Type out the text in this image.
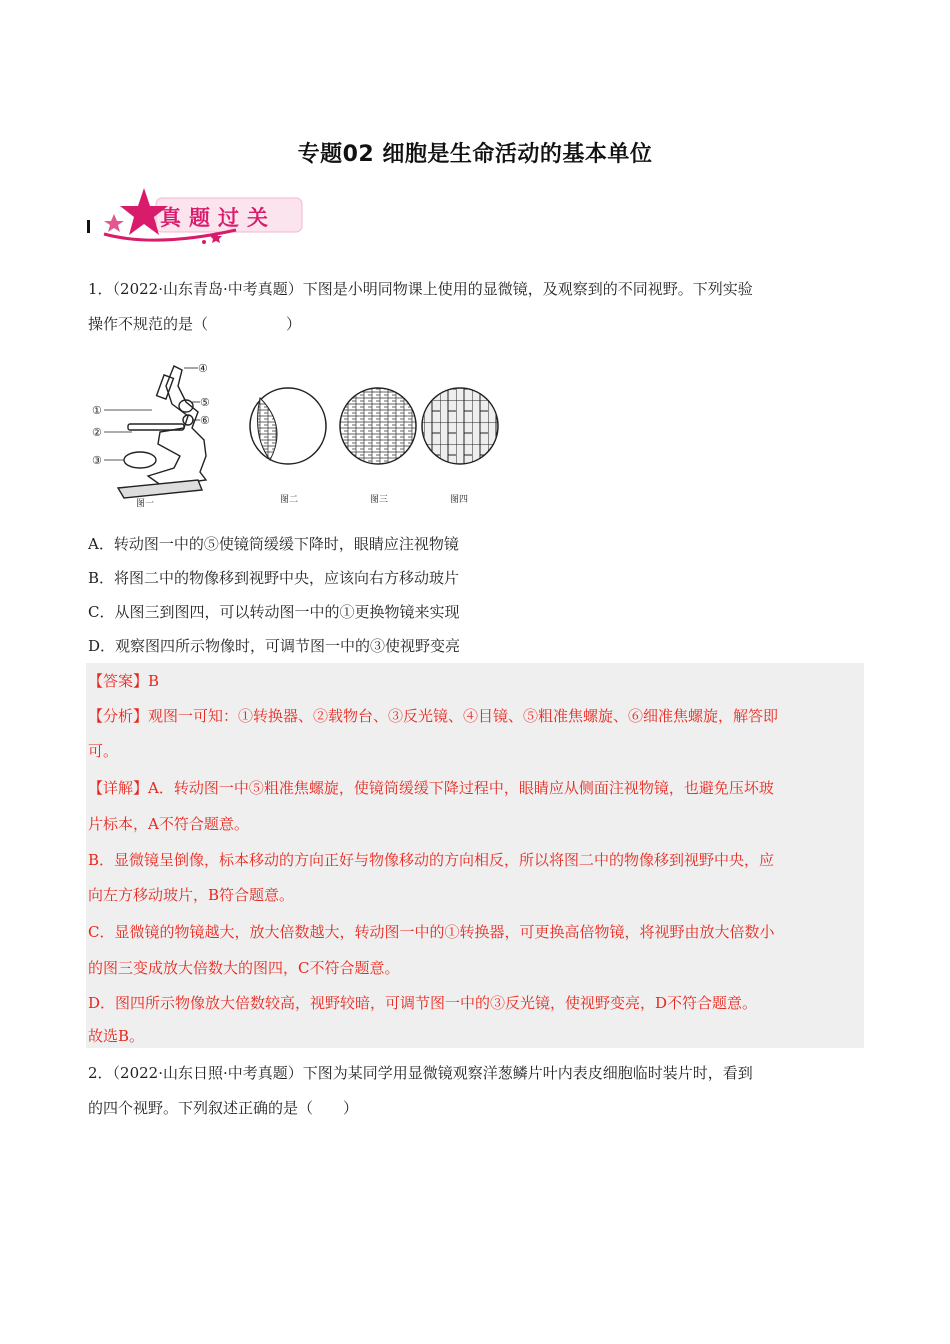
专题02 细胞是生命活动的基本单位
真题过关
1．（2022·山东青岛·中考真题）下图是小明同物课上使用的显微镜，及观察到的不同视野。下列实验
操作不规范的是（	）
④
①
⑤
⑥
②
③
图一	图二	图三	图四
A．转动图一中的⑤使镜筒缓缓下降时，眼睛应注视物镜
B．将图二中的物像移到视野中央，应该向右方移动玻片
C．从图三到图四，可以转动图一中的①更换物镜来实现
D．观察图四所示物像时，可调节图一中的③使视野变亮
【答案】B
【分析】观图一可知：①转换器、②载物台、③反光镜、④目镜、⑤粗准焦螺旋、⑥细准焦螺旋，解答即
可。
【详解】A．转动图一中⑤粗准焦螺旋，使镜筒缓缓下降过程中，眼睛应从侧面注视物镜，也避免压坏玻
片标本，A不符合题意。
B．显微镜呈倒像，标本移动的方向正好与物像移动的方向相反，所以将图二中的物像移到视野中央，应
向左方移动玻片，B符合题意。
C．显微镜的物镜越大，放大倍数越大，转动图一中的①转换器，可更换高倍物镜，将视野由放大倍数小
的图三变成放大倍数大的图四，C不符合题意。
D．图四所示物像放大倍数较高，视野较暗，可调节图一中的③反光镜，使视野变亮，D不符合题意。
故选B。
2．（2022·山东日照·中考真题）下图为某同学用显微镜观察洋葱鳞片叶内表皮细胞临时装片时，看到
的四个视野。下列叙述正确的是（　　）
